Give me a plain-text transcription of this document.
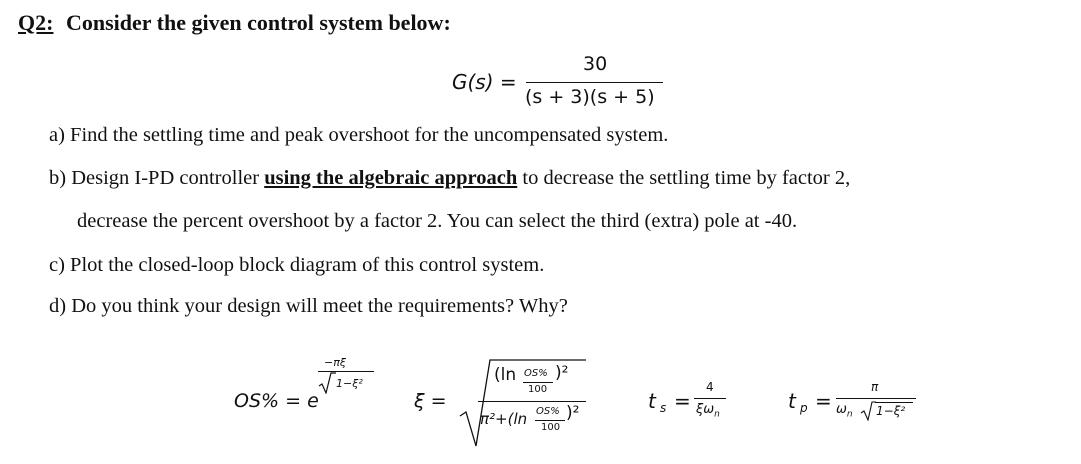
Q2: Consider the given control system below:
G(s) =
30
(s + 3)(s + 5)
a) Find the settling time and peak overshoot for the uncompensated system.
b) Design I-PD controller using the algebraic approach to decrease the settling time by factor 2,
decrease the percent overshoot by a factor 2. You can select the third (extra) pole at -40.
c) Plot the closed-loop block diagram of this control system.
d) Do you think your design will meet the requirements? Why?
OS% = e
−πξ
1−ξ²
ξ =
(ln OS%
100
)²
π²+(ln OS%
100
)²	t s =
4
$\xi\omega_n$
t p =
π
$\omega_n$ 1−ξ²
